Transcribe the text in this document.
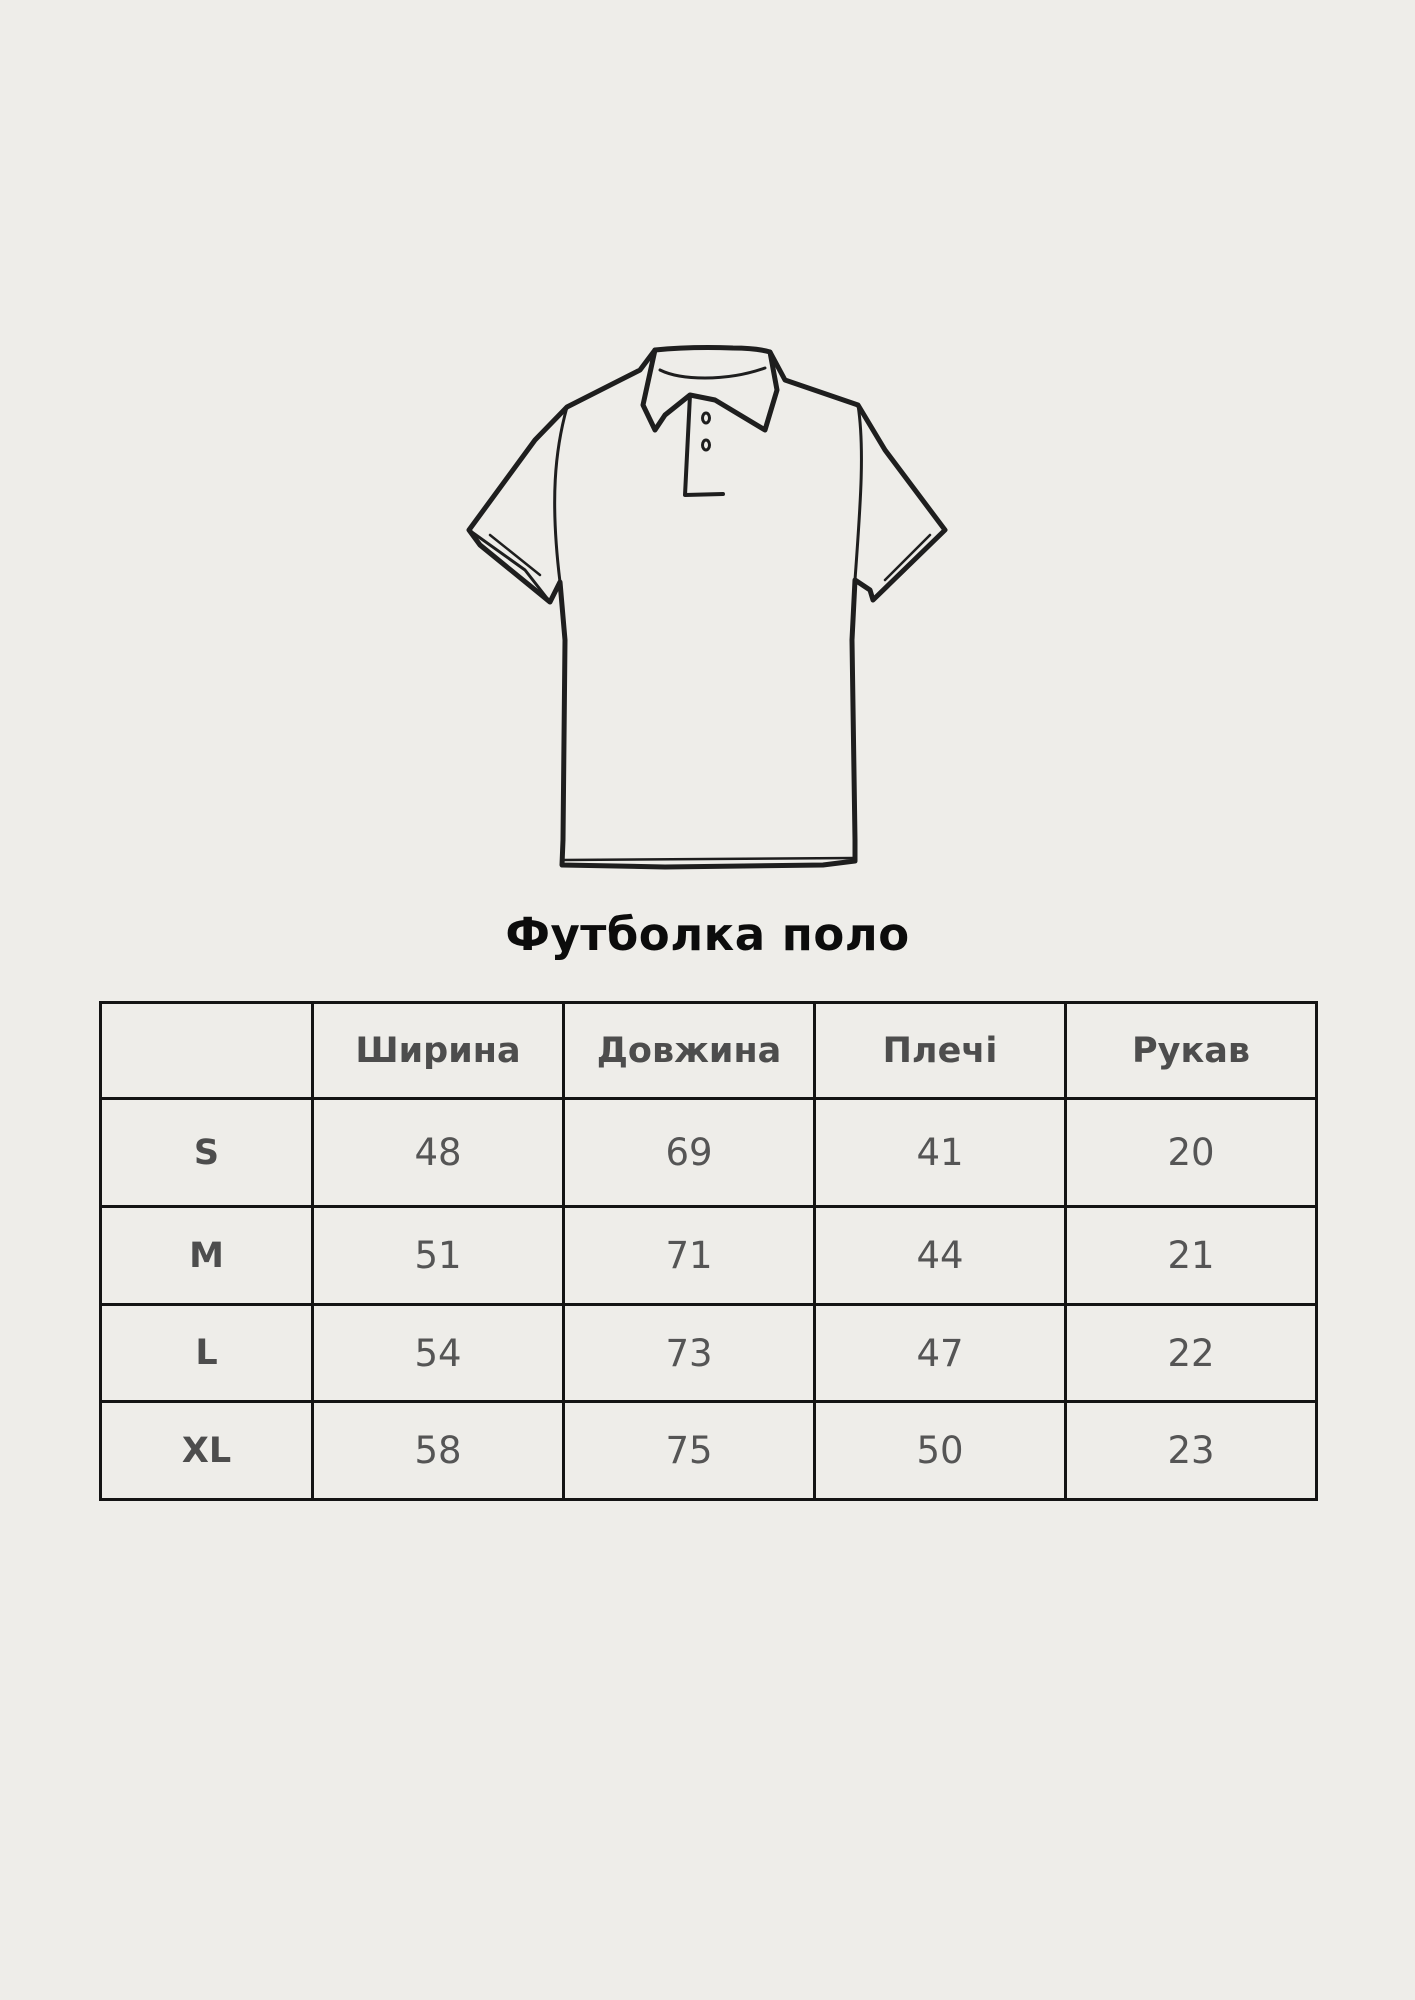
Футболка поло
	Ширина	Довжина	Плечі	Рукав
S	48	69	41	20
M	51	71	44	21
L	54	73	47	22
XL	58	75	50	23
